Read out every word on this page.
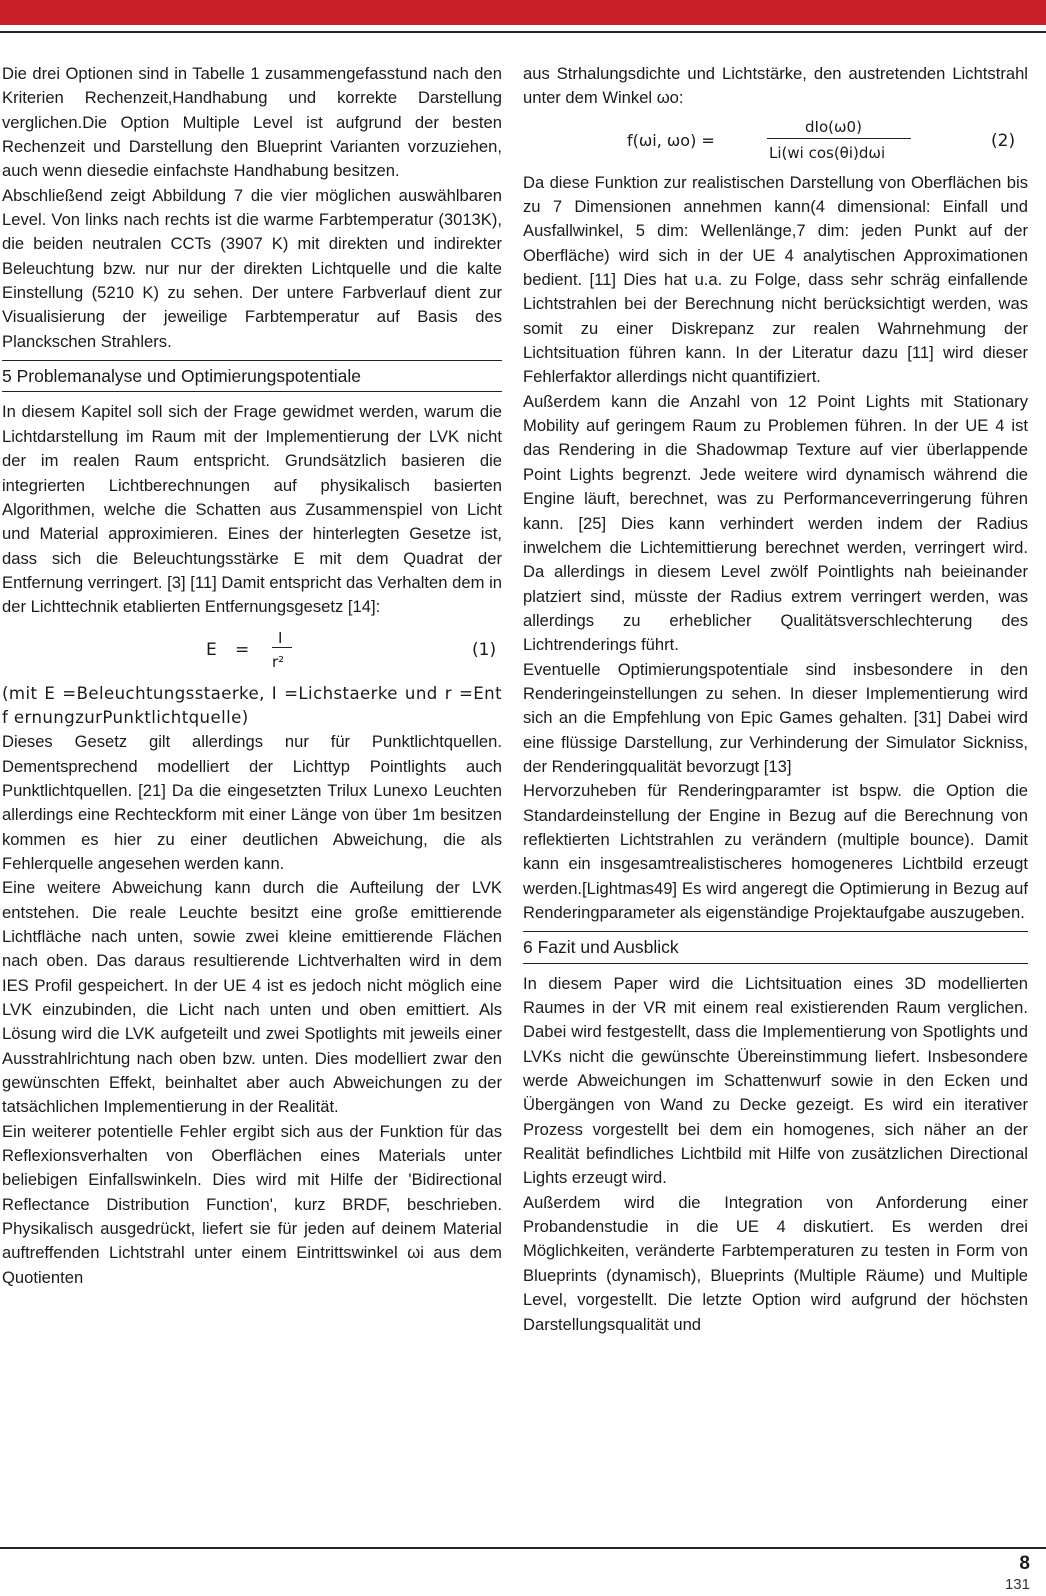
Die drei Optionen sind in Tabelle 1 zusammengefasstund nach den Kriterien Rechenzeit,Handhabung und korrekte Darstellung verglichen.Die Option Multiple Level ist aufgrund der besten Rechenzeit und Darstellung den Blueprint Varianten vorzuziehen, auch wenn diesedie einfachste Handhabung besitzen.

Abschließend zeigt Abbildung 7 die vier möglichen auswählbaren Level. Von links nach rechts ist die warme Farbtemperatur (3013K), die beiden neutralen CCTs (3907 K) mit direkten und indirekter Beleuchtung bzw. nur nur der direkten Lichtquelle und die kalte Einstellung (5210 K) zu sehen. Der untere Farbverlauf dient zur Visualisierung der jeweilige Farbtemperatur auf Basis des Planckschen Strahlers.

5 Problemanalyse und Optimierungspotentiale

In diesem Kapitel soll sich der Frage gewidmet werden, warum die Lichtdarstellung im Raum mit der Implementierung der LVK nicht der im realen Raum entspricht. Grundsätzlich basieren die integrierten Lichtberechnungen auf physikalisch basierten Algorithmen, welche die Schatten aus Zusammenspiel von Licht und Material approximieren. Eines der hinterlegten Gesetze ist, dass sich die Beleuchtungsstärke E mit dem Quadrat der Entfernung verringert. [3] [11] Damit entspricht das Verhalten dem in der Lichttechnik etablierten Entfernungsgesetz [14]:

E =
I
r²
(1)

(mit E =Beleuchtungsstaerke, I =Lichstaerke und r =Ent f ernungzurPunktlichtquelle)

Dieses Gesetz gilt allerdings nur für Punktlichtquellen. Dementsprechend modelliert der Lichttyp Pointlights auch Punktlichtquellen. [21] Da die eingesetzten Trilux Lunexo Leuchten allerdings eine Rechteckform mit einer Länge von über 1m besitzen kommen es hier zu einer deutlichen Abweichung, die als Fehlerquelle angesehen werden kann.

Eine weitere Abweichung kann durch die Aufteilung der LVK entstehen. Die reale Leuchte besitzt eine große emittierende Lichtfläche nach unten, sowie zwei kleine emittierende Flächen nach oben. Das daraus resultierende Lichtverhalten wird in dem IES Profil gespeichert. In der UE 4 ist es jedoch nicht möglich eine LVK einzubinden, die Licht nach unten und oben emittiert. Als Lösung wird die LVK aufgeteilt und zwei Spotlights mit jeweils einer Ausstrahlrichtung nach oben bzw. unten. Dies modelliert zwar den gewünschten Effekt, beinhaltet aber auch Abweichungen zu der tatsächlichen Implementierung in der Realität.

Ein weiterer potentielle Fehler ergibt sich aus der Funktion für das Reflexionsverhalten von Oberflächen eines Materials unter beliebigen Einfallswinkeln. Dies wird mit Hilfe der 'Bidirectional Reflectance Distribution Function', kurz BRDF, beschrieben. Physikalisch ausgedrückt, liefert sie für jeden auf deinem Material auftreffenden Lichtstrahl unter einem Eintrittswinkel ωi aus dem Quotienten

aus Strhalungsdichte und Lichtstärke, den austretenden Lichtstrahl unter dem Winkel ωo:

f(ωi, ωo) =
dIo(ω0)
Li(wi cos(θi)dωi
(2)

Da diese Funktion zur realistischen Darstellung von Oberflächen bis zu 7 Dimensionen annehmen kann(4 dimensional: Einfall und Ausfallwinkel, 5 dim: Wellenlänge,7 dim: jeden Punkt auf der Oberfläche) wird sich in der UE 4 analytischen Approximationen bedient. [11] Dies hat u.a. zu Folge, dass sehr schräg einfallende Lichtstrahlen bei der Berechnung nicht berücksichtigt werden, was somit zu einer Diskrepanz zur realen Wahrnehmung der Lichtsituation führen kann. In der Literatur dazu [11] wird dieser Fehlerfaktor allerdings nicht quantifiziert.

Außerdem kann die Anzahl von 12 Point Lights mit Stationary Mobility auf geringem Raum zu Problemen führen. In der UE 4 ist das Rendering in die Shadowmap Texture auf vier überlappende Point Lights begrenzt. Jede weitere wird dynamisch während die Engine läuft, berechnet, was zu Performanceverringerung führen kann. [25] Dies kann verhindert werden indem der Radius inwelchem die Lichtemittierung berechnet werden, verringert wird. Da allerdings in diesem Level zwölf Pointlights nah beieinander platziert sind, müsste der Radius extrem verringert werden, was allerdings zu erheblicher Qualitätsverschlechterung des Lichtrenderings führt.

Eventuelle Optimierungspotentiale sind insbesondere in den Renderingeinstellungen zu sehen. In dieser Implementierung wird sich an die Empfehlung von Epic Games gehalten. [31] Dabei wird eine flüssige Darstellung, zur Verhinderung der Simulator Sickniss, der Renderingqualität bevorzugt [13]

Hervorzuheben für Renderingparamter ist bspw. die Option die Standardeinstellung der Engine in Bezug auf die Berechnung von reflektierten Lichtstrahlen zu verändern (multiple bounce). Damit kann ein insgesamtrealistischeres homogeneres Lichtbild erzeugt werden.[Lightmas49] Es wird angeregt die Optimierung in Bezug auf Renderingparameter als eigenständige Projektaufgabe auszugeben.

6 Fazit und Ausblick

In diesem Paper wird die Lichtsituation eines 3D modellierten Raumes in der VR mit einem real existierenden Raum verglichen. Dabei wird festgestellt, dass die Implementierung von Spotlights und LVKs nicht die gewünschte Übereinstimmung liefert. Insbesondere werde Abweichungen im Schattenwurf sowie in den Ecken und Übergängen von Wand zu Decke gezeigt. Es wird ein iterativer Prozess vorgestellt bei dem ein homogenes, sich näher an der Realität befindliches Lichtbild mit Hilfe von zusätzlichen Directional Lights erzeugt wird.

Außerdem wird die Integration von Anforderung einer Probandenstudie in die UE 4 diskutiert. Es werden drei Möglichkeiten, veränderte Farbtemperaturen zu testen in Form von Blueprints (dynamisch), Blueprints (Multiple Räume) und Multiple Level, vorgestellt. Die letzte Option wird aufgrund der höchsten Darstellungsqualität und

8
131
